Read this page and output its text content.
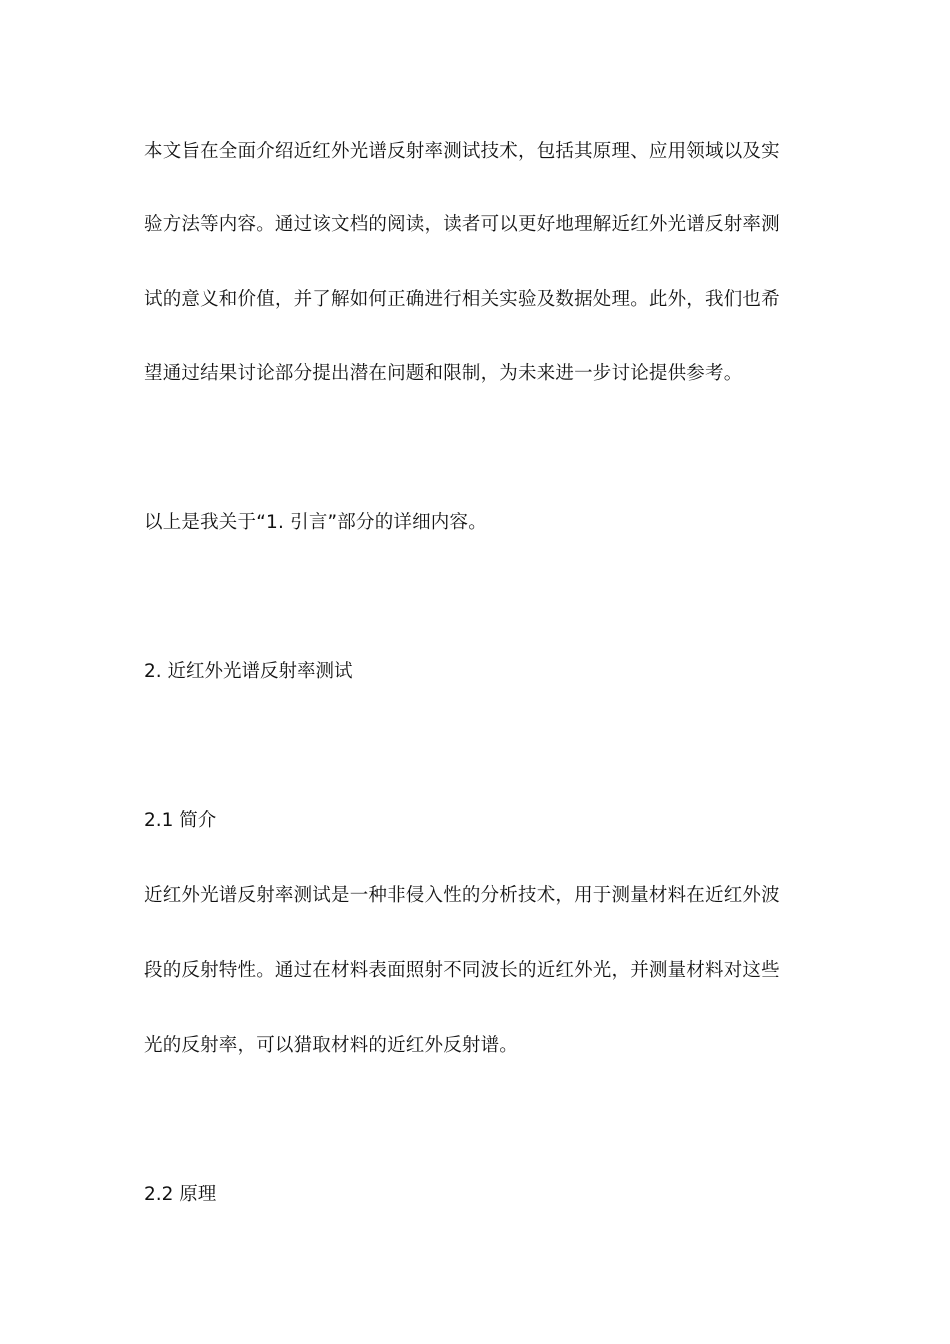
本文旨在全面介绍近红外光谱反射率测试技术，包括其原理、应用领域以及实
验方法等内容。通过该文档的阅读，读者可以更好地理解近红外光谱反射率测
试的意义和价值，并了解如何正确进行相关实验及数据处理。此外，我们也希
望通过结果讨论部分提出潜在问题和限制，为未来进一步讨论提供参考。
以上是我关于“1. 引言”部分的详细内容。
2. 近红外光谱反射率测试
2.1 简介
近红外光谱反射率测试是一种非侵入性的分析技术，用于测量材料在近红外波
段的反射特性。通过在材料表面照射不同波长的近红外光，并测量材料对这些
光的反射率，可以猎取材料的近红外反射谱。
2.2 原理
